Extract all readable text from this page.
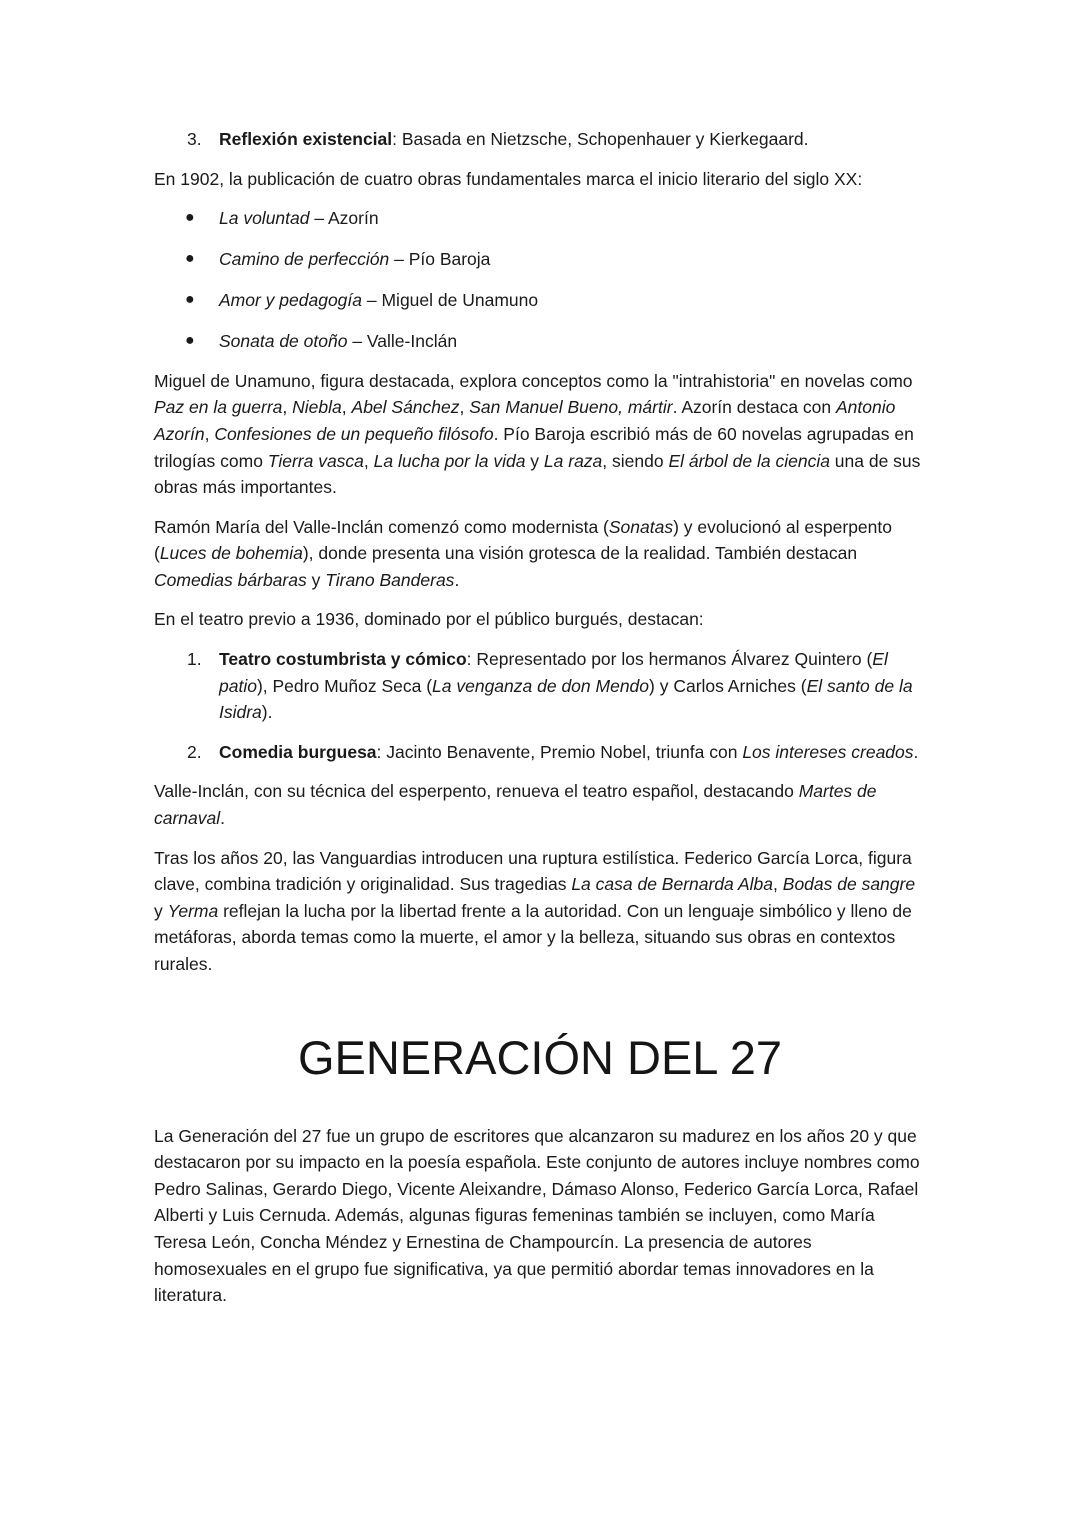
3. Reflexión existencial: Basada en Nietzsche, Schopenhauer y Kierkegaard.

En 1902, la publicación de cuatro obras fundamentales marca el inicio literario del siglo XX:

● La voluntad – Azorín
● Camino de perfección – Pío Baroja
● Amor y pedagogía – Miguel de Unamuno
● Sonata de otoño – Valle-Inclán

Miguel de Unamuno, figura destacada, explora conceptos como la "intrahistoria" en novelas como Paz en la guerra, Niebla, Abel Sánchez, San Manuel Bueno, mártir. Azorín destaca con Antonio Azorín, Confesiones de un pequeño filósofo. Pío Baroja escribió más de 60 novelas agrupadas en trilogías como Tierra vasca, La lucha por la vida y La raza, siendo El árbol de la ciencia una de sus obras más importantes.

Ramón María del Valle-Inclán comenzó como modernista (Sonatas) y evolucionó al esperpento (Luces de bohemia), donde presenta una visión grotesca de la realidad. También destacan Comedias bárbaras y Tirano Banderas.

En el teatro previo a 1936, dominado por el público burgués, destacan:

1. Teatro costumbrista y cómico: Representado por los hermanos Álvarez Quintero (El patio), Pedro Muñoz Seca (La venganza de don Mendo) y Carlos Arniches (El santo de la Isidra).
2. Comedia burguesa: Jacinto Benavente, Premio Nobel, triunfa con Los intereses creados.

Valle-Inclán, con su técnica del esperpento, renueva el teatro español, destacando Martes de carnaval.

Tras los años 20, las Vanguardias introducen una ruptura estilística. Federico García Lorca, figura clave, combina tradición y originalidad. Sus tragedias La casa de Bernarda Alba, Bodas de sangre y Yerma reflejan la lucha por la libertad frente a la autoridad. Con un lenguaje simbólico y lleno de metáforas, aborda temas como la muerte, el amor y la belleza, situando sus obras en contextos rurales.

GENERACIÓN DEL 27

La Generación del 27 fue un grupo de escritores que alcanzaron su madurez en los años 20 y que destacaron por su impacto en la poesía española. Este conjunto de autores incluye nombres como Pedro Salinas, Gerardo Diego, Vicente Aleixandre, Dámaso Alonso, Federico García Lorca, Rafael Alberti y Luis Cernuda. Además, algunas figuras femeninas también se incluyen, como María Teresa León, Concha Méndez y Ernestina de Champourcín. La presencia de autores homosexuales en el grupo fue significativa, ya que permitió abordar temas innovadores en la literatura.
